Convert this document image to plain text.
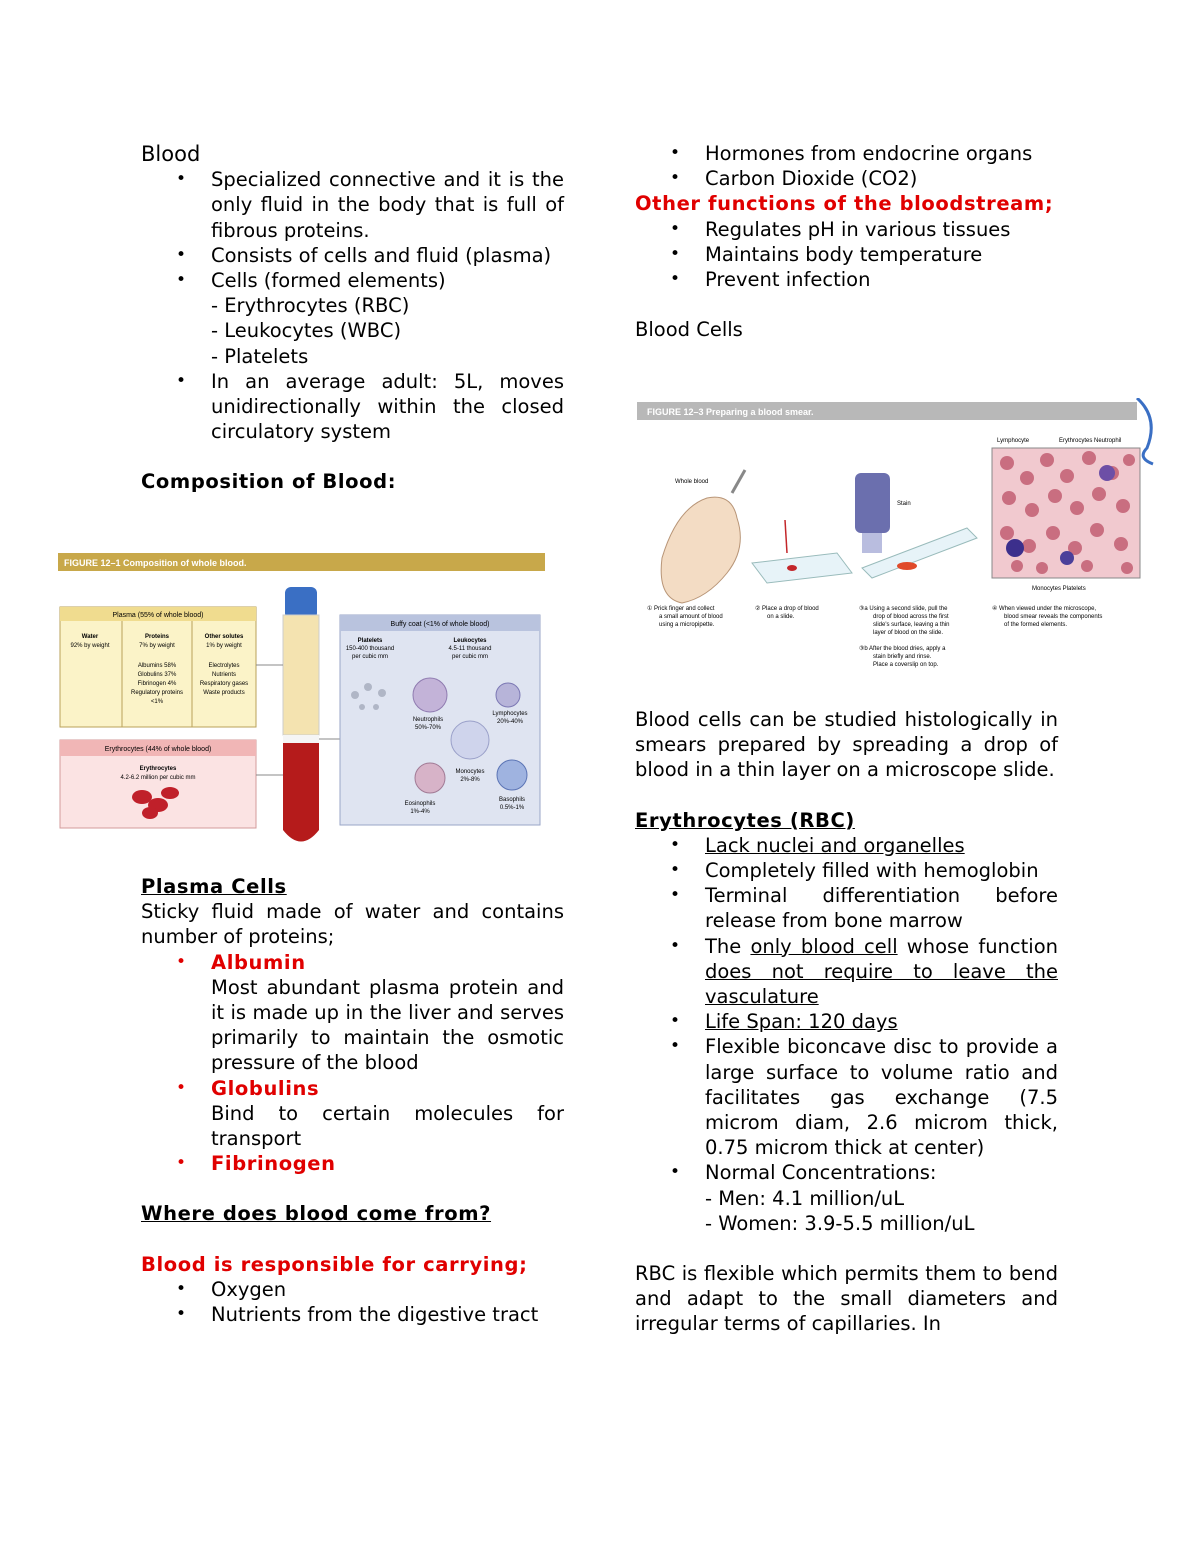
Blood

• Specialized connective and it is the only fluid in the body that is full of fibrous proteins.
• Consists of cells and fluid (plasma)
• Cells (formed elements)
- Erythrocytes (RBC)
- Leukocytes (WBC)
- Platelets
• In an average adult: 5L, moves unidirectionally within the closed circulatory system

Composition of Blood:

FIGURE 12–1 Composition of whole blood.
Plasma (55% of whole blood)
Water
92% by weight
Proteins
7% by weight
Albumins 58%
Globulins 37%
Fibrinogen 4%
Regulatory proteins
<1%
Other solutes
1% by weight
Electrolytes
Nutrients
Respiratory gases
Waste products
Erythrocytes (44% of whole blood)
Erythrocytes
4.2-6.2 million per cubic mm
Buffy coat (<1% of whole blood)
Platelets
150-400 thousand
per cubic mm
Leukocytes
4.5-11 thousand
per cubic mm
Neutrophils
50%-70%
Lymphocytes
20%-40%
Monocytes
2%-8%
Eosinophils
1%-4%
Basophils
0.5%-1%

Plasma Cells

Sticky fluid made of water and contains number of proteins;

• Albumin
Most abundant plasma protein and it is made up in the liver and serves primarily to maintain the osmotic pressure of the blood
• Globulins
Bind to certain molecules for transport
• Fibrinogen

Where does blood come from?

Blood is responsible for carrying;

• Oxygen
• Nutrients from the digestive tract
• Hormones from endocrine organs
• Carbon Dioxide (CO2)

Other functions of the bloodstream;

• Regulates pH in various tissues
• Maintains body temperature
• Prevent infection

Blood Cells

FIGURE 12–3 Preparing a blood smear.
Whole blood
Stain
Lymphocyte	Erythrocytes Neutrophil
Monocytes Platelets
① Prick finger and collect
a small amount of blood
using a micropipette.
② Place a drop of blood
on a slide.
③a Using a second slide, pull the
drop of blood across the first
slide's surface, leaving a thin
layer of blood on the slide.
③b After the blood dries, apply a
stain briefly and rinse.
Place a coverslip on top.
④ When viewed under the microscope,
blood smear reveals the components
of the formed elements.

Blood cells can be studied histologically in smears prepared by spreading a drop of blood in a thin layer on a microscope slide.

Erythrocytes (RBC)

• Lack nuclei and organelles
• Completely filled with hemoglobin
• Terminal differentiation before release from bone marrow
• The only blood cell whose function does not require to leave the vasculature
• Life Span: 120 days
• Flexible biconcave disc to provide a large surface to volume ratio and facilitates gas exchange (7.5 microm diam, 2.6 microm thick, 0.75 microm thick at center)
• Normal Concentrations:
- Men: 4.1 million/uL
- Women: 3.9-5.5 million/uL

RBC is flexible which permits them to bend and adapt to the small diameters and irregular terms of capillaries. In
